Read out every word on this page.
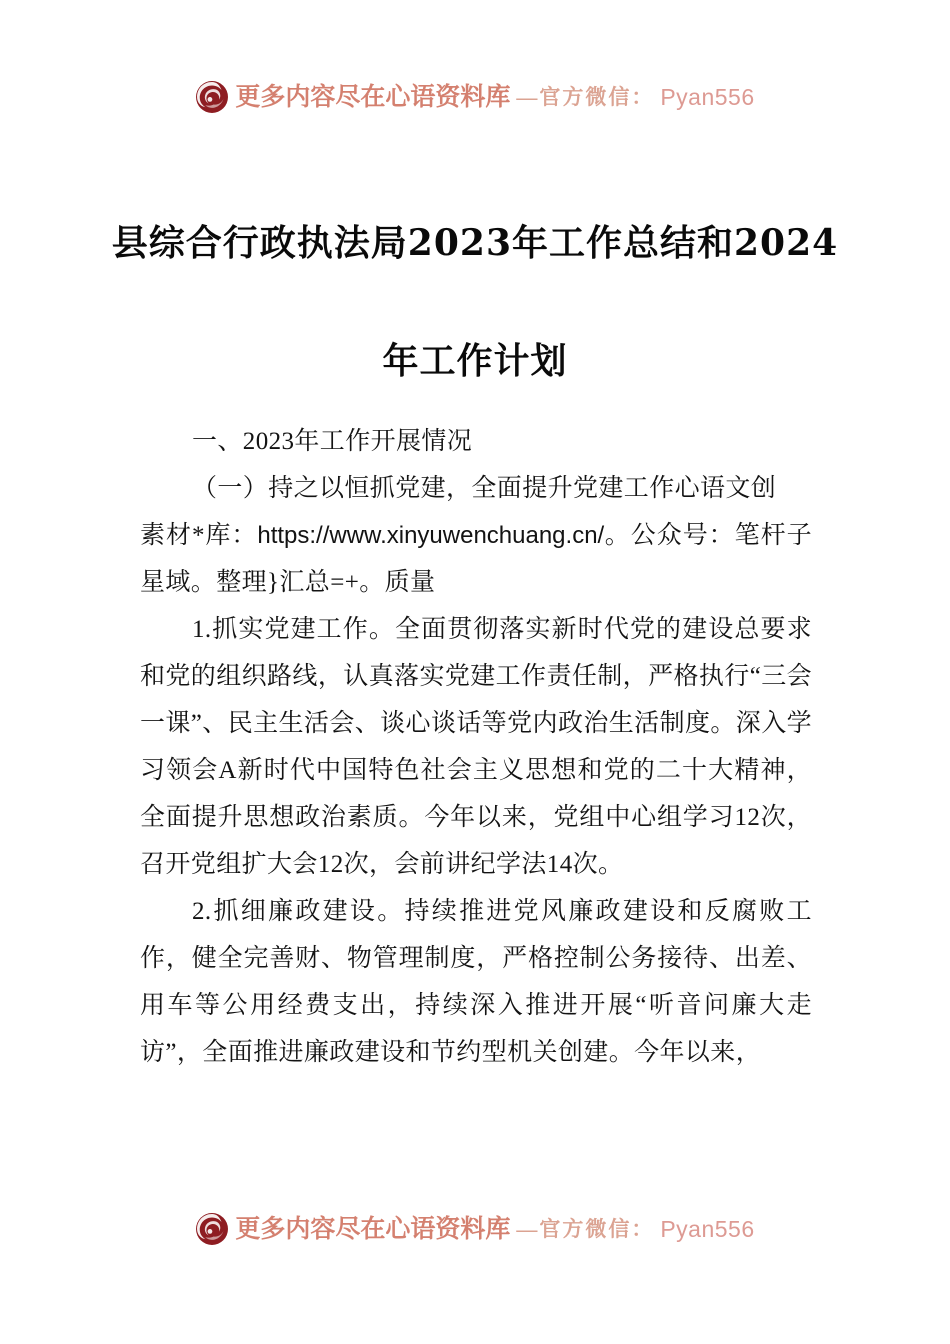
更多内容尽在心语资料库 —官方微信： Pyan556
县综合行政执法局2023年工作总结和2024
年工作计划

一、2023年工作开展情况

（一）持之以恒抓党建，全面提升党建工作心语文创

素材*库：https://www.xinyuwenchuang.cn/。公众号：笔杆子星域。整理}汇总=+。质量

1.抓实党建工作。全面贯彻落实新时代党的建设总要求和党的组织路线，认真落实党建工作责任制，严格执行“三会一课”、民主生活会、谈心谈话等党内政治生活制度。深入学习领会A新时代中国特色社会主义思想和党的二十大精神，全面提升思想政治素质。今年以来，党组中心组学习12次，召开党组扩大会12次，会前讲纪学法14次。

2.抓细廉政建设。持续推进党风廉政建设和反腐败工作，健全完善财、物管理制度，严格控制公务接待、出差、用车等公用经费支出，持续深入推进开展“听音问廉大走访”，全面推进廉政建设和节约型机关创建。今年以来，

更多内容尽在心语资料库 —官方微信： Pyan556
